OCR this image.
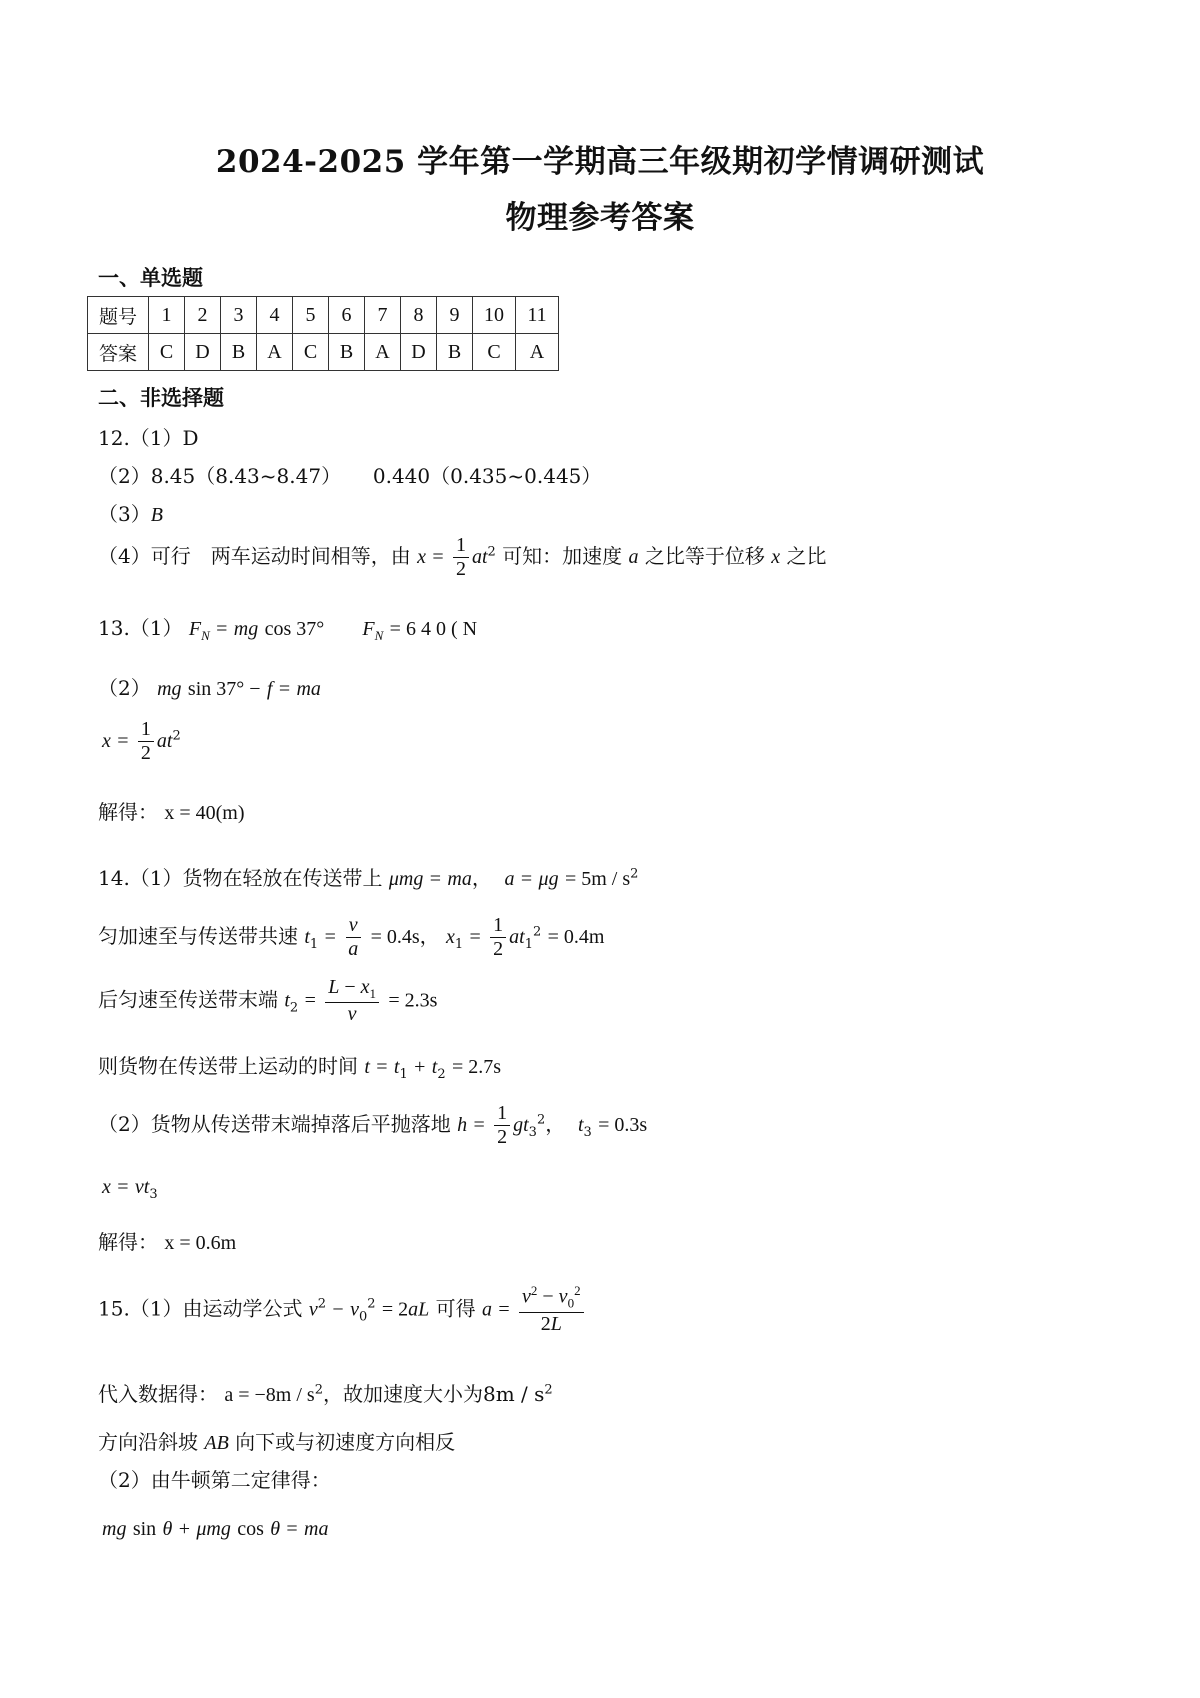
2024-2025 学年第一学期高三年级期初学情调研测试
物理参考答案
一、单选题
题号	1	2	3	4	5	6	7	8	9	10	11
答案	C	D	B	A	C	B	A	D	B	C	A
二、非选择题
12.（1）D
（2）8.45（8.43~8.47） 0.440（0.435~0.445）
（3）B
（4）可行　两车运动时间相等，由 $x = \frac{1}{2} at^2$ 可知：加速度 a 之比等于位移 x 之比
13.（1） $F_N$ = mg cos 37° $F_N = 6$ 4 0 ( N
（2） mg sin 37° − f = ma
$x = \frac{1}{2} at^2$
解得： x = 40(m)
14.（1）货物在轻放在传送带上 μmg = ma，  $a = \mu g = 5m / s^2$
匀加速至与传送带共速 $t_1 = \frac{v}{a} = 0.4s$， $x_1 = \frac{1}{2} at_1^2 = 0.4m$
后匀速至传送带末端 $t_2 = \frac{L - x_1}{v} = 2.3s$
则货物在传送带上运动的时间 $t = t_1 + t_2 = 2.7s$
（2）货物从传送带末端掉落后平抛落地 $h = \frac{1}{2} gt_3^2$，  $t_3 = 0.3s$
$x = vt_3$
解得： x = 0.6m
15.（1）由运动学公式 $v^2 - v_0^2 = 2aL$ 可得 $a = \frac{v^2 - v_0^2}{2L}$
代入数据得： $a = -8m / s^2$，故加速度大小为$8m / s^2$
方向沿斜坡 AB 向下或与初速度方向相反
（2）由牛顿第二定律得：
mg sin θ + μmg cos θ = ma
